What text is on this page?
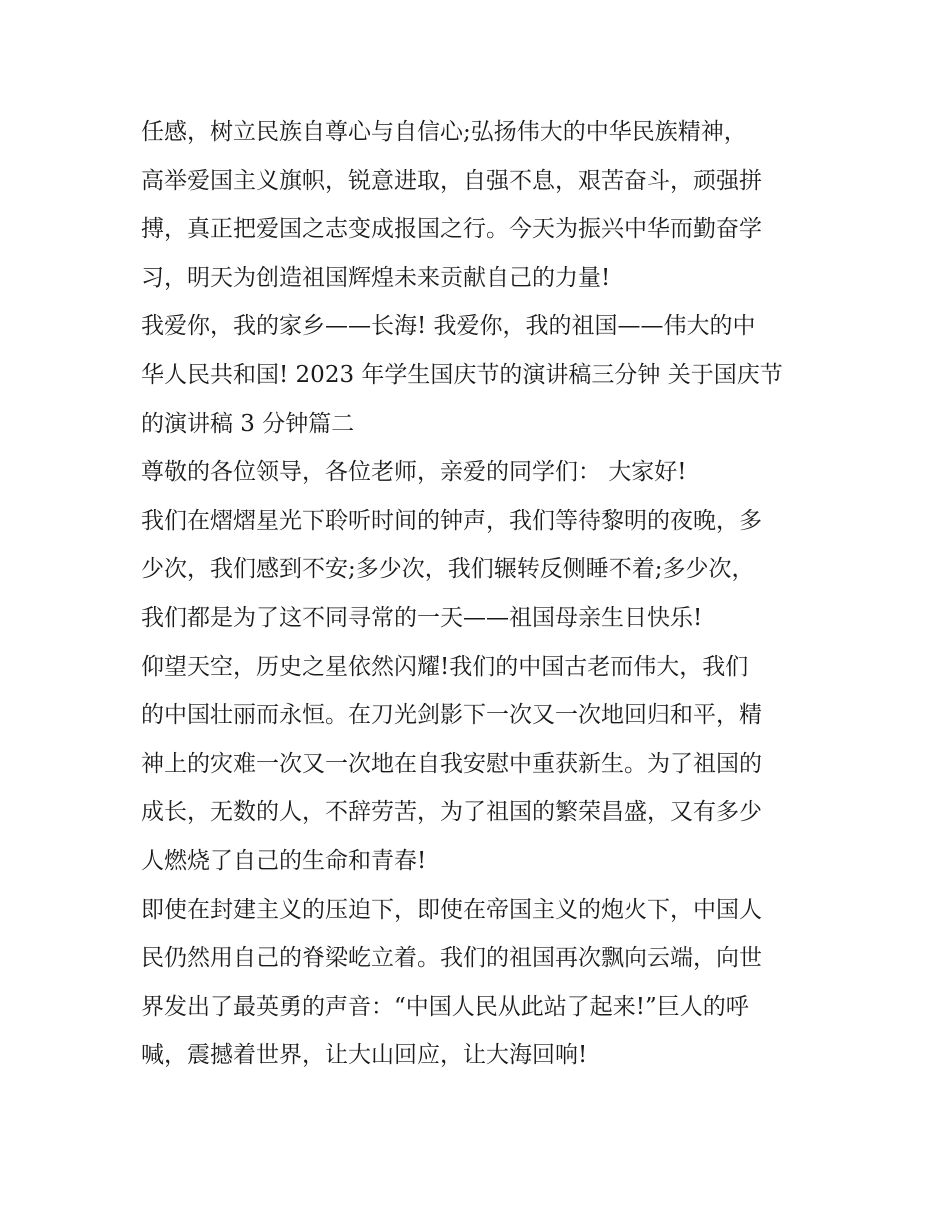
任感，树立民族自尊心与自信心;弘扬伟大的中华民族精神，
高举爱国主义旗帜，锐意进取，自强不息，艰苦奋斗，顽强拼
搏，真正把爱国之志变成报国之行。今天为振兴中华而勤奋学
习，明天为创造祖国辉煌未来贡献自己的力量!
我爱你，我的家乡——长海! 我爱你，我的祖国——伟大的中
华人民共和国! 2023 年学生国庆节的演讲稿三分钟 关于国庆节
的演讲稿 3 分钟篇二
尊敬的各位领导，各位老师，亲爱的同学们： 大家好!
我们在熠熠星光下聆听时间的钟声，我们等待黎明的夜晚，多
少次，我们感到不安;多少次，我们辗转反侧睡不着;多少次，
我们都是为了这不同寻常的一天——祖国母亲生日快乐!
仰望天空，历史之星依然闪耀!我们的中国古老而伟大，我们
的中国壮丽而永恒。在刀光剑影下一次又一次地回归和平，精
神上的灾难一次又一次地在自我安慰中重获新生。为了祖国的
成长，无数的人，不辞劳苦，为了祖国的繁荣昌盛，又有多少
人燃烧了自己的生命和青春!
即使在封建主义的压迫下，即使在帝国主义的炮火下，中国人
民仍然用自己的脊梁屹立着。我们的祖国再次飘向云端，向世
界发出了最英勇的声音：“中国人民从此站了起来!”巨人的呼
喊，震撼着世界，让大山回应，让大海回响!
